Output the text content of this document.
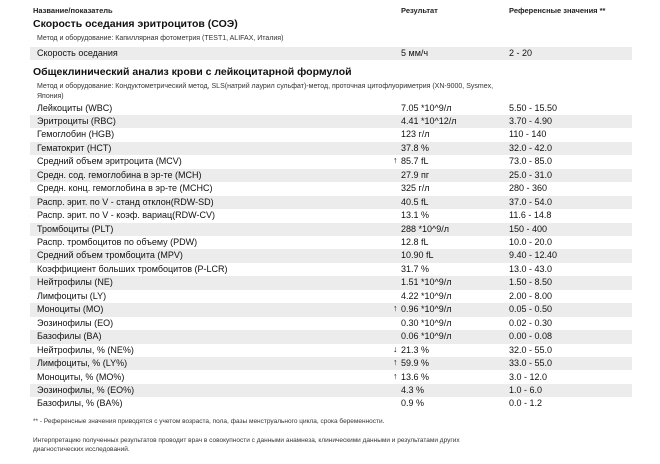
Название/показатель	Результат	Референсные значения **
Скорость оседания эритроцитов (СОЭ)
Метод и оборудование: Капиллярная фотометрия (TEST1, ALIFAX, Италия)
Скорость оседания	5 мм/ч	2 - 20
Общеклинический анализ крови с лейкоцитарной формулой
Метод и оборудование: Кондуктометрический метод, SLS(натрий лаурил сульфат)-метод, проточная цитофлуориметрия (XN-9000, Sysmex,
Япония)
Лейкоциты (WBC)	7.05 *10^9/л	5.50 - 15.50
Эритроциты (RBC)	4.41 *10^12/л	3.70 - 4.90
Гемоглобин (HGB)	123 г/л	110 - 140
Гематокрит (HCT)	37.8 %	32.0 - 42.0
Средний объем эритроцита (MCV)	↑ 85.7 fL	73.0 - 85.0
Средн. сод. гемоглобина в эр-те (MCH)	27.9 пг	25.0 - 31.0
Средн. конц. гемоглобина в эр-те (MCHC)	325 г/л	280 - 360
Распр. эрит. по V - станд отклон(RDW-SD)	40.5 fL	37.0 - 54.0
Распр. эрит. по V - коэф. вариац(RDW-CV)	13.1 %	11.6 - 14.8
Тромбоциты (PLT)	288 *10^9/л	150 - 400
Распр. тромбоцитов по объему (PDW)	12.8 fL	10.0 - 20.0
Средний объем тромбоцита (MPV)	10.90 fL	9.40 - 12.40
Коэффициент больших тромбоцитов (P-LCR)	31.7 %	13.0 - 43.0
Нейтрофилы (NE)	1.51 *10^9/л	1.50 - 8.50
Лимфоциты (LY)	4.22 *10^9/л	2.00 - 8.00
Моноциты (MO)	↑ 0.96 *10^9/л	0.05 - 0.50
Эозинофилы (EO)	0.30 *10^9/л	0.02 - 0.30
Базофилы (BA)	0.06 *10^9/л	0.00 - 0.08
Нейтрофилы, % (NE%)	↓ 21.3 %	32.0 - 55.0
Лимфоциты, % (LY%)	↑ 59.9 %	33.0 - 55.0
Моноциты, % (MO%)	↑ 13.6 %	3.0 - 12.0
Эозинофилы, % (EO%)	4.3 %	1.0 - 6.0
Базофилы, % (BA%)	0.9 %	0.0 - 1.2
** - Референсные значения приводятся с учетом возраста, пола, фазы менструального цикла, срока беременности.
Интерпретацию полученных результатов проводит врач в совокупности с данными анамнеза, клиническими данными и результатами других
диагностических исследований.
